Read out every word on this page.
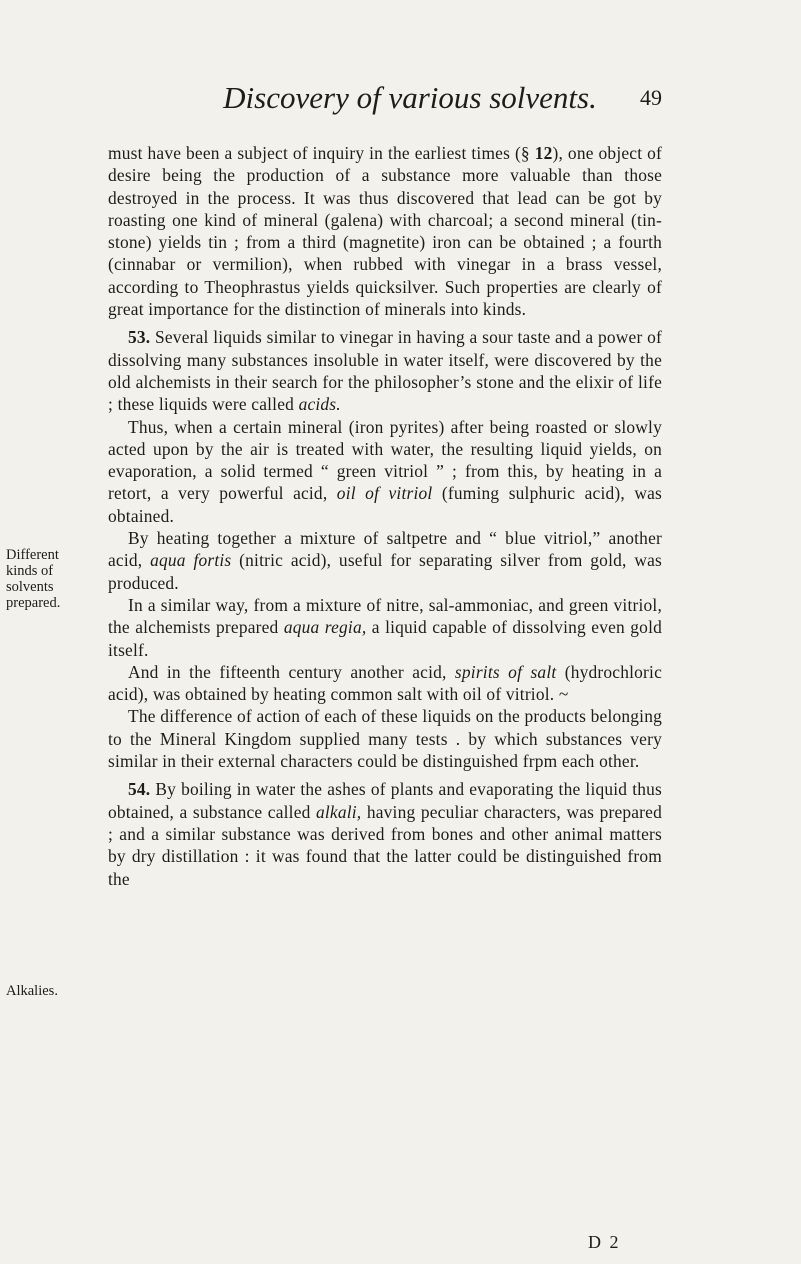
Discovery of various solvents.	49
Different kinds of solvents prepared.
Alkalies.

must have been a subject of inquiry in the earliest times (§ 12), one object of desire being the production of a substance more valuable than those destroyed in the process. It was thus discovered that lead can be got by roasting one kind of mineral (galena) with charcoal; a second mineral (tin-stone) yields tin ; from a third (magnetite) iron can be obtained ; a fourth (cinnabar or vermilion), when rubbed with vinegar in a brass vessel, according to Theophrastus yields quicksilver. Such properties are clearly of great importance for the distinction of minerals into kinds.

53. Several liquids similar to vinegar in having a sour taste and a power of dissolving many substances insoluble in water itself, were discovered by the old alchemists in their search for the philosopher’s stone and the elixir of life ; these liquids were called acids.

Thus, when a certain mineral (iron pyrites) after being roasted or slowly acted upon by the air is treated with water, the resulting liquid yields, on evaporation, a solid termed “ green vitriol ” ; from this, by heating in a retort, a very powerful acid, oil of vitriol (fuming sulphuric acid), was obtained.

By heating together a mixture of saltpetre and “ blue vitriol,” another acid, aqua fortis (nitric acid), useful for separating silver from gold, was produced.

In a similar way, from a mixture of nitre, sal-ammoniac, and green vitriol, the alchemists prepared aqua regia, a liquid capable of dissolving even gold itself.

And in the fifteenth century another acid, spirits of salt (hydrochloric acid), was obtained by heating common salt with oil of vitriol. ~

The difference of action of each of these liquids on the products belonging to the Mineral Kingdom supplied many tests . by which substances very similar in their external characters could be distinguished frpm each other.

54. By boiling in water the ashes of plants and evaporating the liquid thus obtained, a substance called alkali, having peculiar characters, was prepared ; and a similar substance was derived from bones and other animal matters by dry distillation : it was found that the latter could be distinguished from the

D 2
